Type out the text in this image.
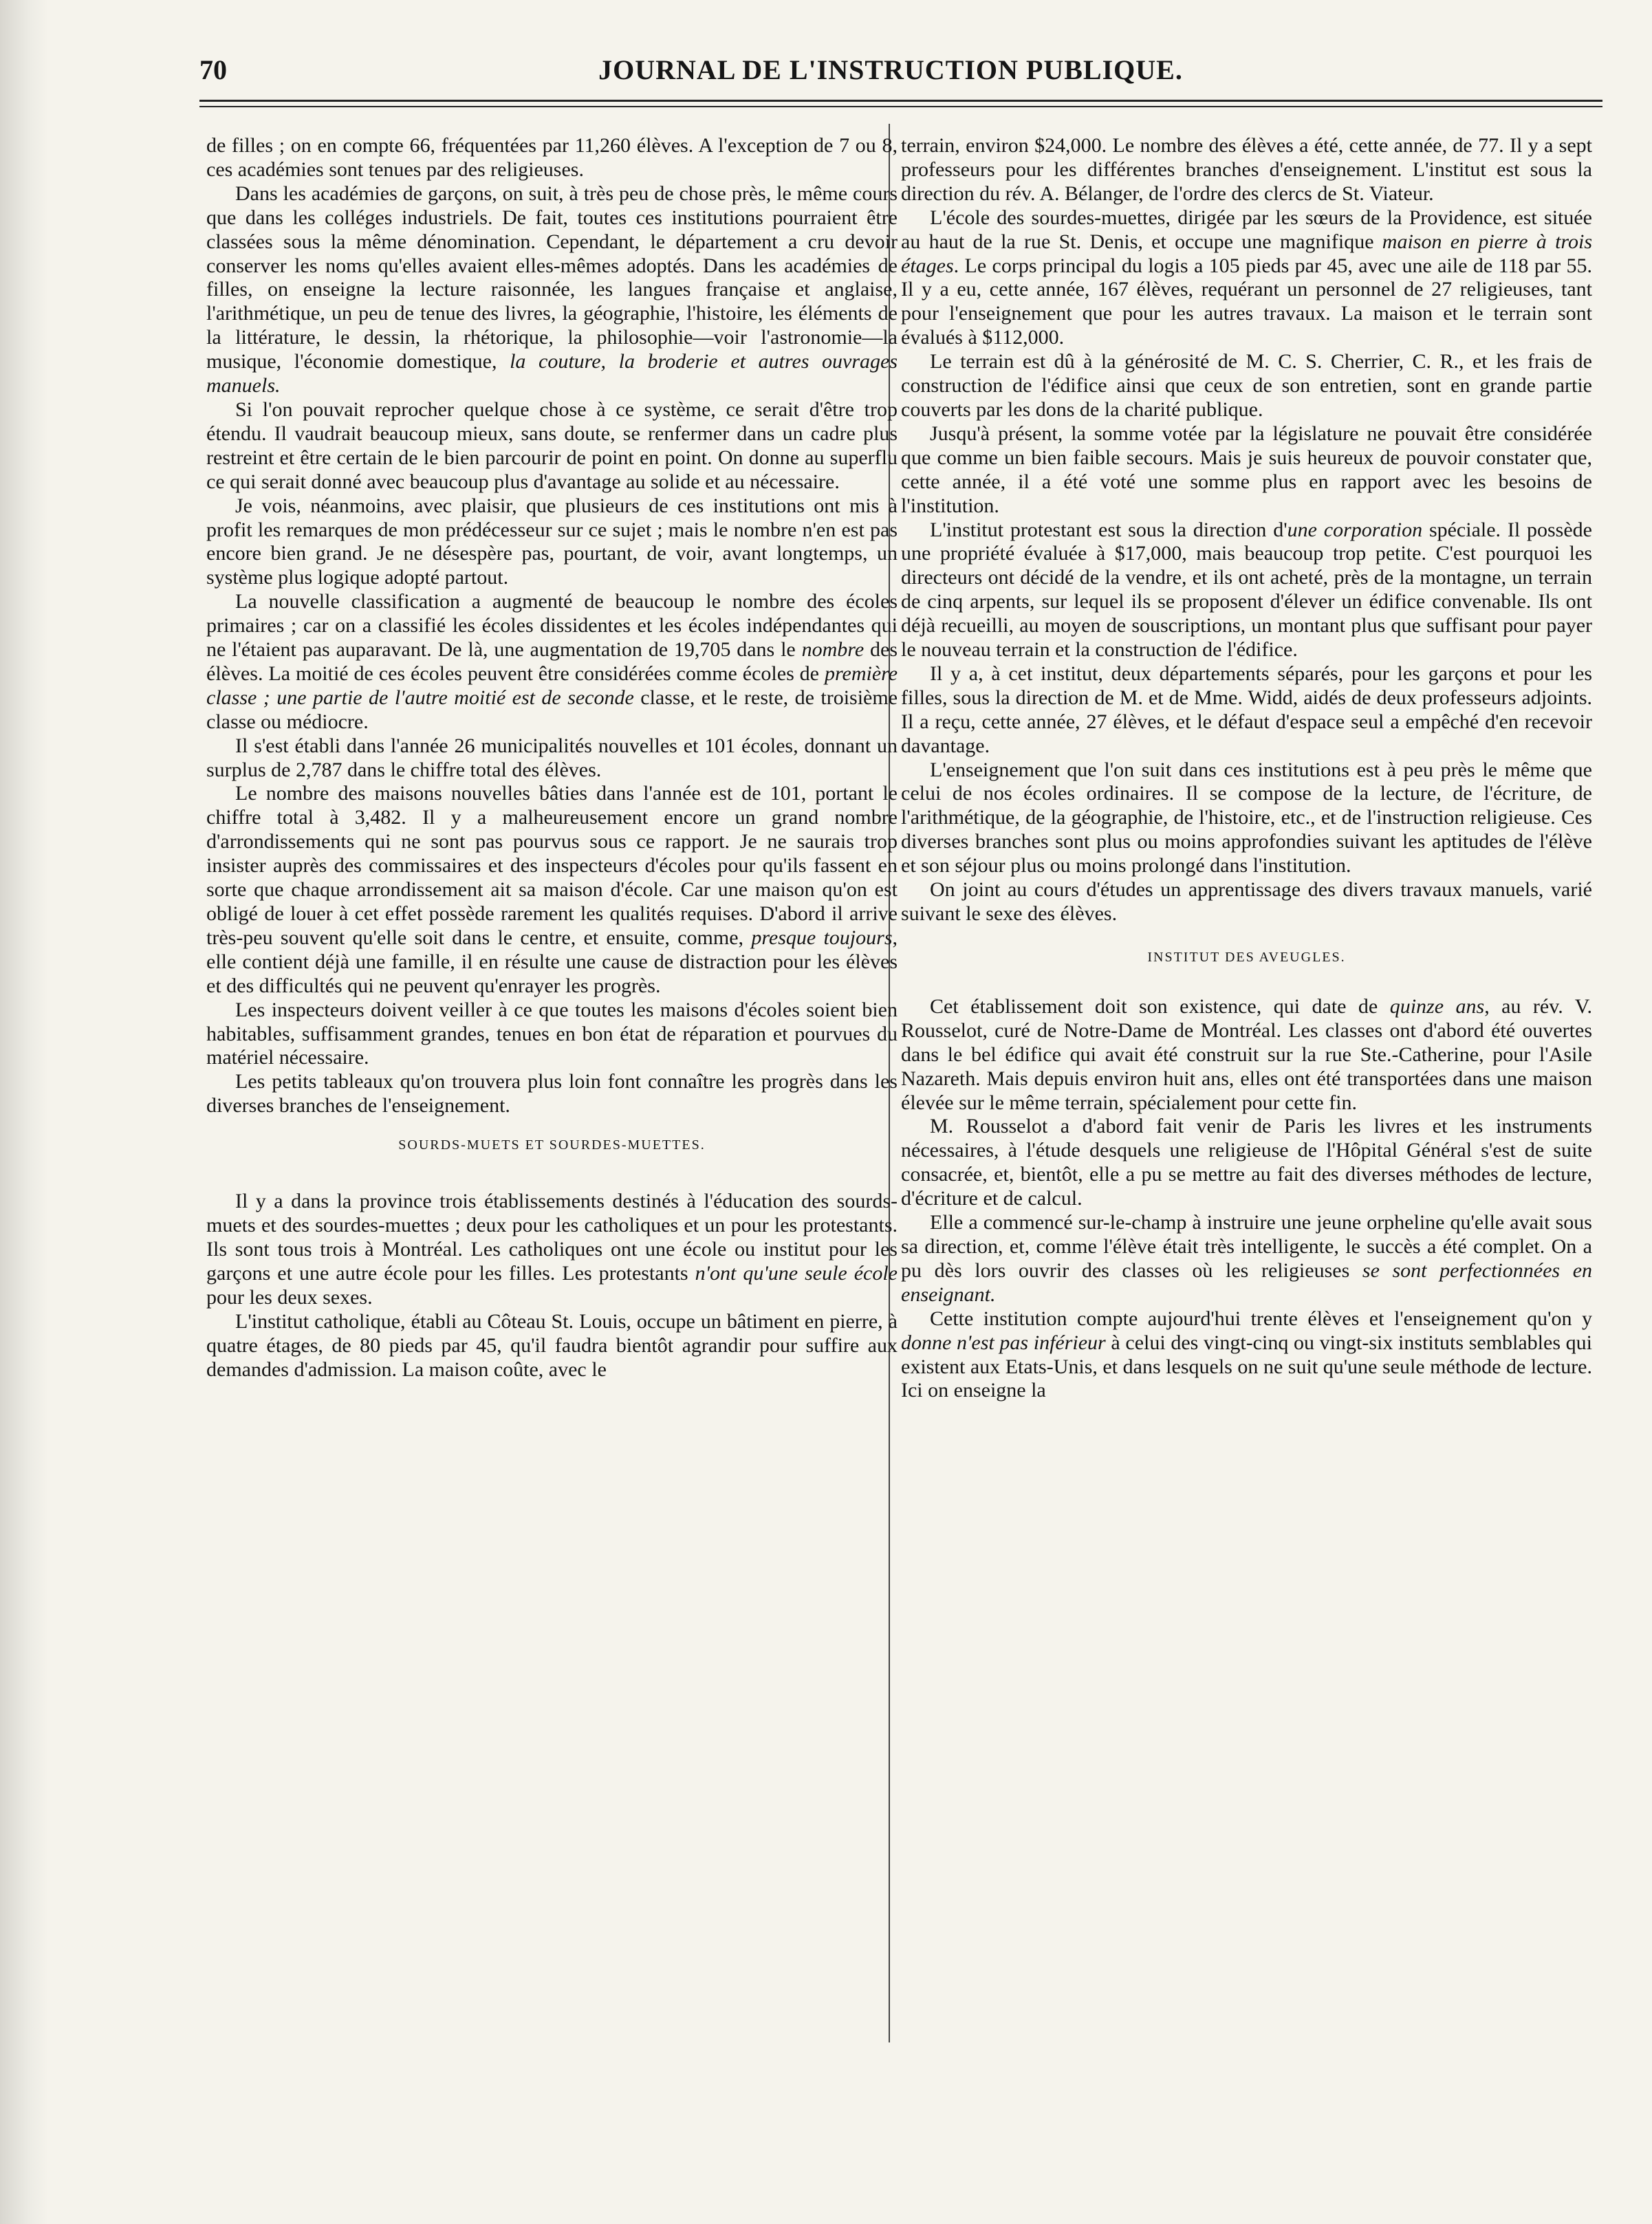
70	JOURNAL DE L'INSTRUCTION PUBLIQUE.

de filles ; on en compte 66, fréquentées par 11,260 élèves. A l'exception de 7 ou 8, ces académies sont tenues par des religieuses.

Dans les académies de garçons, on suit, à très peu de chose près, le même cours que dans les colléges industriels. De fait, toutes ces institutions pourraient être classées sous la même dénomination. Cependant, le département a cru devoir conserver les noms qu'elles avaient elles-mêmes adoptés. Dans les académies de filles, on enseigne la lecture raisonnée, les langues française et anglaise, l'arithmétique, un peu de tenue des livres, la géographie, l'histoire, les éléments de la littérature, le dessin, la rhétorique, la philosophie—voir l'astronomie—la musique, l'économie domestique, la couture, la broderie et autres ouvrages manuels.

Si l'on pouvait reprocher quelque chose à ce système, ce serait d'être trop étendu. Il vaudrait beaucoup mieux, sans doute, se renfermer dans un cadre plus restreint et être certain de le bien parcourir de point en point. On donne au superflu ce qui serait donné avec beaucoup plus d'avantage au solide et au nécessaire.

Je vois, néanmoins, avec plaisir, que plusieurs de ces institutions ont mis à profit les remarques de mon prédécesseur sur ce sujet ; mais le nombre n'en est pas encore bien grand. Je ne désespère pas, pourtant, de voir, avant longtemps, un système plus logique adopté partout.

La nouvelle classification a augmenté de beaucoup le nombre des écoles primaires ; car on a classifié les écoles dissidentes et les écoles indépendantes qui ne l'étaient pas auparavant. De là, une augmentation de 19,705 dans le nombre des élèves. La moitié de ces écoles peuvent être considérées comme écoles de première classe ; une partie de l'autre moitié est de seconde classe, et le reste, de troisième classe ou médiocre.

Il s'est établi dans l'année 26 municipalités nouvelles et 101 écoles, donnant un surplus de 2,787 dans le chiffre total des élèves.

Le nombre des maisons nouvelles bâties dans l'année est de 101, portant le chiffre total à 3,482. Il y a malheureusement encore un grand nombre d'arrondissements qui ne sont pas pourvus sous ce rapport. Je ne saurais trop insister auprès des commissaires et des inspecteurs d'écoles pour qu'ils fassent en sorte que chaque arrondissement ait sa maison d'école. Car une maison qu'on est obligé de louer à cet effet possède rarement les qualités requises. D'abord il arrive très-peu souvent qu'elle soit dans le centre, et ensuite, comme, presque toujours, elle contient déjà une famille, il en résulte une cause de distraction pour les élèves et des difficultés qui ne peuvent qu'enrayer les progrès.

Les inspecteurs doivent veiller à ce que toutes les maisons d'écoles soient bien habitables, suffisamment grandes, tenues en bon état de réparation et pourvues du matériel nécessaire.

Les petits tableaux qu'on trouvera plus loin font connaître les progrès dans les diverses branches de l'enseignement.

SOURDS-MUETS ET SOURDES-MUETTES.

Il y a dans la province trois établissements destinés à l'éducation des sourds-muets et des sourdes-muettes ; deux pour les catholiques et un pour les protestants. Ils sont tous trois à Montréal. Les catholiques ont une école ou institut pour les garçons et une autre école pour les filles. Les protestants n'ont qu'une seule école pour les deux sexes.

L'institut catholique, établi au Côteau St. Louis, occupe un bâtiment en pierre, à quatre étages, de 80 pieds par 45, qu'il faudra bientôt agrandir pour suffire aux demandes d'admission. La maison coûte, avec le

terrain, environ $24,000. Le nombre des élèves a été, cette année, de 77. Il y a sept professeurs pour les différentes branches d'enseignement. L'institut est sous la direction du rév. A. Bélanger, de l'ordre des clercs de St. Viateur.

L'école des sourdes-muettes, dirigée par les sœurs de la Providence, est située au haut de la rue St. Denis, et occupe une magnifique maison en pierre à trois étages. Le corps principal du logis a 105 pieds par 45, avec une aile de 118 par 55. Il y a eu, cette année, 167 élèves, requérant un personnel de 27 religieuses, tant pour l'enseignement que pour les autres travaux. La maison et le terrain sont évalués à $112,000.

Le terrain est dû à la générosité de M. C. S. Cherrier, C. R., et les frais de construction de l'édifice ainsi que ceux de son entretien, sont en grande partie couverts par les dons de la charité publique.

Jusqu'à présent, la somme votée par la législature ne pouvait être considérée que comme un bien faible secours. Mais je suis heureux de pouvoir constater que, cette année, il a été voté une somme plus en rapport avec les besoins de l'institution.

L'institut protestant est sous la direction d'une corporation spéciale. Il possède une propriété évaluée à $17,000, mais beaucoup trop petite. C'est pourquoi les directeurs ont décidé de la vendre, et ils ont acheté, près de la montagne, un terrain de cinq arpents, sur lequel ils se proposent d'élever un édifice convenable. Ils ont déjà recueilli, au moyen de souscriptions, un montant plus que suffisant pour payer le nouveau terrain et la construction de l'édifice.

Il y a, à cet institut, deux départements séparés, pour les garçons et pour les filles, sous la direction de M. et de Mme. Widd, aidés de deux professeurs adjoints. Il a reçu, cette année, 27 élèves, et le défaut d'espace seul a empêché d'en recevoir davantage.

L'enseignement que l'on suit dans ces institutions est à peu près le même que celui de nos écoles ordinaires. Il se compose de la lecture, de l'écriture, de l'arithmétique, de la géographie, de l'histoire, etc., et de l'instruction religieuse. Ces diverses branches sont plus ou moins approfondies suivant les aptitudes de l'élève et son séjour plus ou moins prolongé dans l'institution.

On joint au cours d'études un apprentissage des divers travaux manuels, varié suivant le sexe des élèves.

INSTITUT DES AVEUGLES.

Cet établissement doit son existence, qui date de quinze ans, au rév. V. Rousselot, curé de Notre-Dame de Montréal. Les classes ont d'abord été ouvertes dans le bel édifice qui avait été construit sur la rue Ste.-Catherine, pour l'Asile Nazareth. Mais depuis environ huit ans, elles ont été transportées dans une maison élevée sur le même terrain, spécialement pour cette fin.

M. Rousselot a d'abord fait venir de Paris les livres et les instruments nécessaires, à l'étude desquels une religieuse de l'Hôpital Général s'est de suite consacrée, et, bientôt, elle a pu se mettre au fait des diverses méthodes de lecture, d'écriture et de calcul.

Elle a commencé sur-le-champ à instruire une jeune orpheline qu'elle avait sous sa direction, et, comme l'élève était très intelligente, le succès a été complet. On a pu dès lors ouvrir des classes où les religieuses se sont perfectionnées en enseignant.

Cette institution compte aujourd'hui trente élèves et l'enseignement qu'on y donne n'est pas inférieur à celui des vingt-cinq ou vingt-six instituts semblables qui existent aux Etats-Unis, et dans lesquels on ne suit qu'une seule méthode de lecture. Ici on enseigne la
